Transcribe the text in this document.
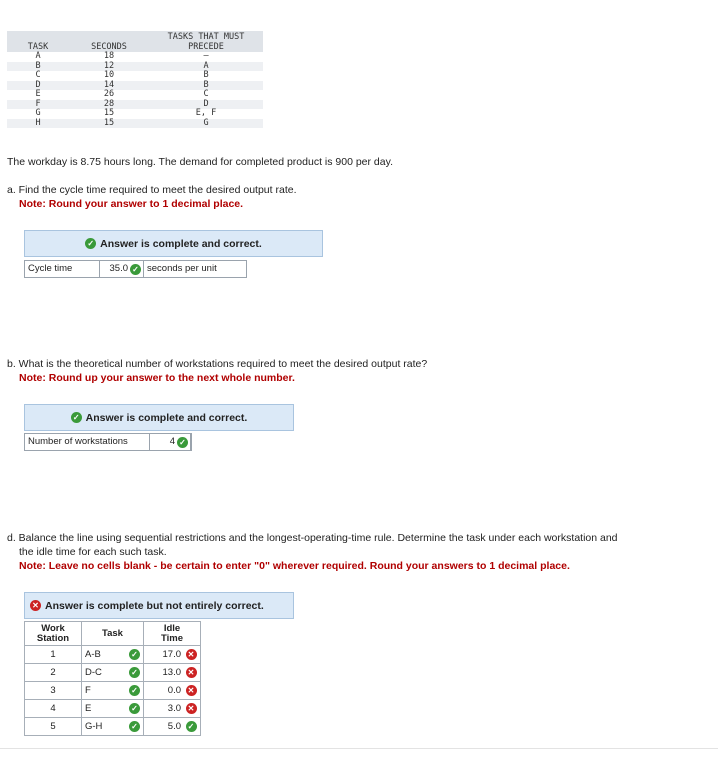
TASK	SECONDS	TASKS THAT MUST
PRECEDE
A	18	–
B	12	A
C	10	B
D	14	B
E	26	C
F	28	D
G	15	E, F
H	15	G

The workday is 8.75 hours long. The demand for completed product is 900 per day.

a. Find the cycle time required to meet the desired output rate.

Note: Round your answer to 1 decimal place.

✓ Answer is complete and correct.
Cycle time	35.0 ✓ seconds per unit

b. What is the theoretical number of workstations required to meet the desired output rate?

Note: Round up your answer to the next whole number.

✓ Answer is complete and correct.
Number of workstations	4 ✓

d. Balance the line using sequential restrictions and the longest-operating-time rule. Determine the task under each workstation and

the idle time for each such task.

Note: Leave no cells blank - be certain to enter "0" wherever required. Round your answers to 1 decimal place.

✕ Answer is complete but not entirely correct.
Work
Station	Task		Idle
Time	
1	A-B	✓	17.0	✕
2	D-C	✓	13.0	✕
3	F	✓	0.0	✕
4	E	✓	3.0	✕
5	G-H	✓	5.0	✓
